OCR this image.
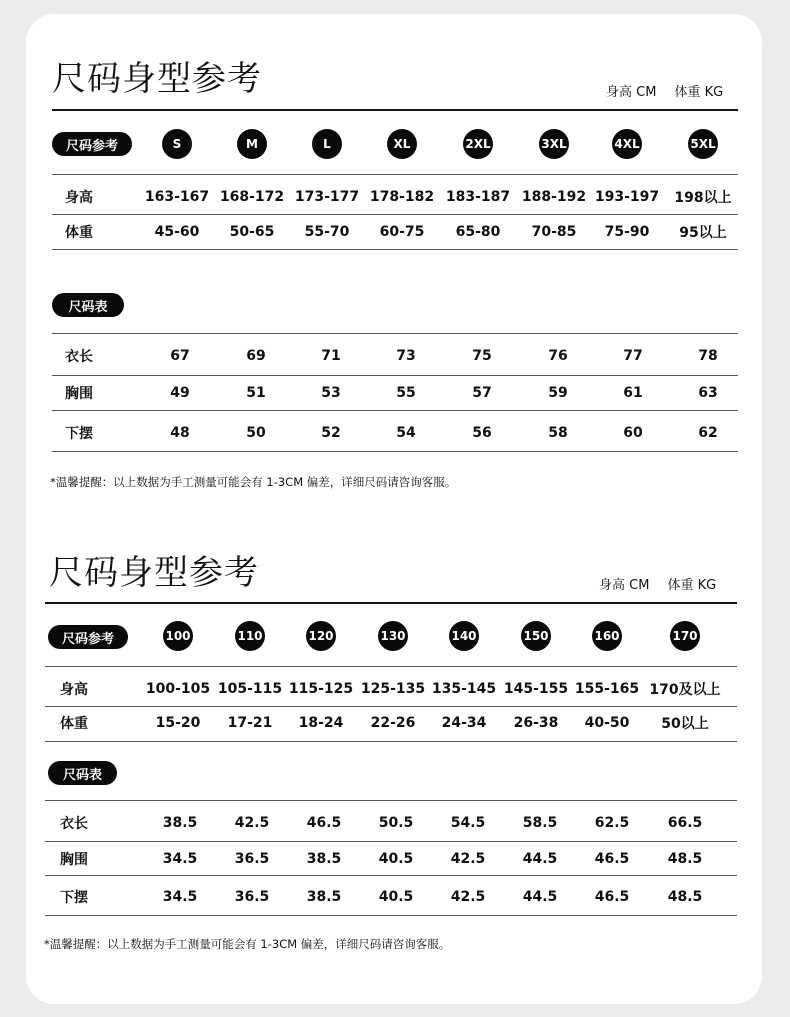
尺码身型参考	身高 CM 体重 KG
尺码参考	S	M	L	XL	2XL	3XL	4XL	5XL
身高	163-167 168-172 173-177 178-182 183-187 188-192 193-197 198以上
体重	45-60 50-65 55-70 60-75 65-80 70-85 75-90 95以上
尺码表
衣长	67	69	71	73	75	76	77	78
胸围	49	51	53	55	57	59	61	63
下摆	48	50	52	54	56	58	60	62
*温馨提醒：以上数据为手工测量可能会有 1-3CM 偏差，详细尺码请咨询客服。
尺码身型参考	身高 CM 体重 KG
尺码参考	100	110	120	130	140	150	160	170
身高	100-105 105-115 115-125 125-135 135-145 145-155 155-165 170及以上
体重	15-20 17-21 18-24 22-26 24-34 26-38 40-50 50以上
尺码表
衣长	38.5	42.5	46.5	50.5	54.5	58.5	62.5	66.5
胸围	34.5	36.5	38.5	40.5	42.5	44.5	46.5	48.5
下摆	34.5	36.5	38.5	40.5	42.5	44.5	46.5	48.5
*温馨提醒：以上数据为手工测量可能会有 1-3CM 偏差，详细尺码请咨询客服。
